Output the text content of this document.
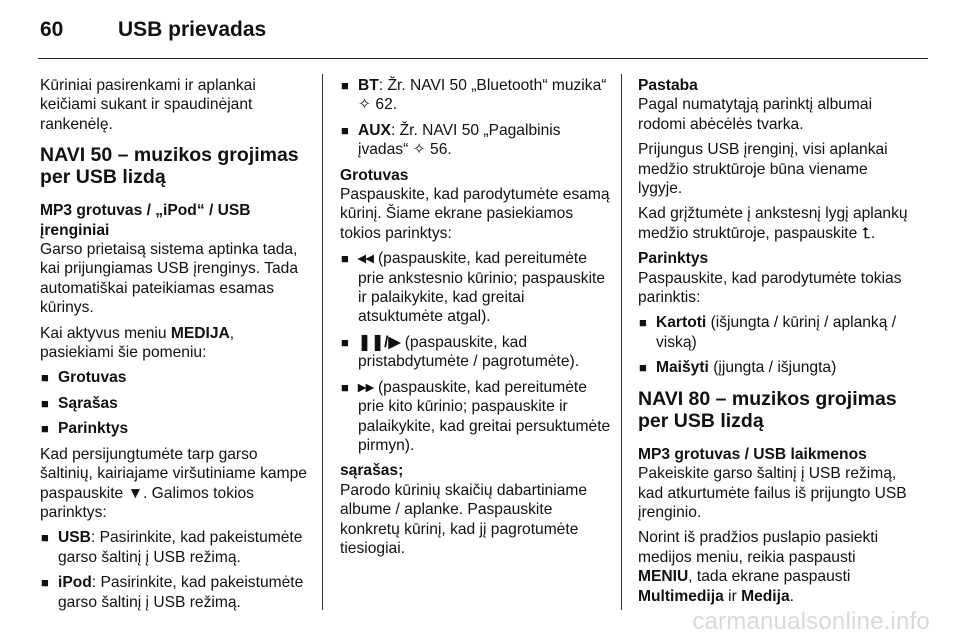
60	USB prievadas

Kūriniai pasirenkami ir aplankai keičiami sukant ir spaudinėjant rankenėlę.

NAVI 50 – muzikos grojimas per USB lizdą

MP3 grotuvas / „iPod“ / USB įrenginiai

Garso prietaisą sistema aptinka tada, kai prijungiamas USB įrenginys. Tada automatiškai pateikiamas esamas kūrinys.

Kai aktyvus meniu MEDIJA, pasiekiami šie pomeniu:

■ Grotuvas
■ Sąrašas
■ Parinktys

Kad persijungtumėte tarp garso šaltinių, kairiajame viršutiniame kampe paspauskite ▼. Galimos tokios parinktys:

■ USB: Pasirinkite, kad pakeistumėte garso šaltinį į USB režimą.
■ iPod: Pasirinkite, kad pakeistumėte garso šaltinį į USB režimą.
■ BT: Žr. NAVI 50 „Bluetooth“ muzika“ ✧ 62.
■ AUX: Žr. NAVI 50 „Pagalbinis įvadas“ ✧ 56.

Grotuvas

Paspauskite, kad parodytumėte esamą kūrinį. Šiame ekrane pasiekiamos tokios parinktys:

■ ◂◂ (paspauskite, kad pereitumėte prie ankstesnio kūrinio; paspauskite ir palaikykite, kad greitai atsuktumėte atgal).
■ ❚❚/▶ (paspauskite, kad pristabdytumėte / pagrotumėte).
■ ▸▸ (paspauskite, kad pereitumėte prie kito kūrinio; paspauskite ir palaikykite, kad greitai persuktumėte pirmyn).

sąrašas;

Parodo kūrinių skaičių dabartiniame albume / aplanke. Paspauskite konkretų kūrinį, kad jį pagrotumėte tiesiogiai.

Pastaba

Pagal numatytąją parinktį albumai rodomi abėcėlės tvarka.

Prijungus USB įrenginį, visi aplankai medžio struktūroje būna viename lygyje.

Kad grįžtumėte į ankstesnį lygį aplankų medžio struktūroje, paspauskite ⮤.

Parinktys

Paspauskite, kad parodytumėte tokias parinktis:

■ Kartoti (išjungta / kūrinį / aplanką / viską)
■ Maišyti (įjungta / išjungta)
NAVI 80 – muzikos grojimas per USB lizdą

MP3 grotuvas / USB laikmenos

Pakeiskite garso šaltinį į USB režimą, kad atkurtumėte failus iš prijungto USB įrenginio.

Norint iš pradžios puslapio pasiekti medijos meniu, reikia paspausti MENIU, tada ekrane paspausti Multimedija ir Medija.

carmanualsonline.info
